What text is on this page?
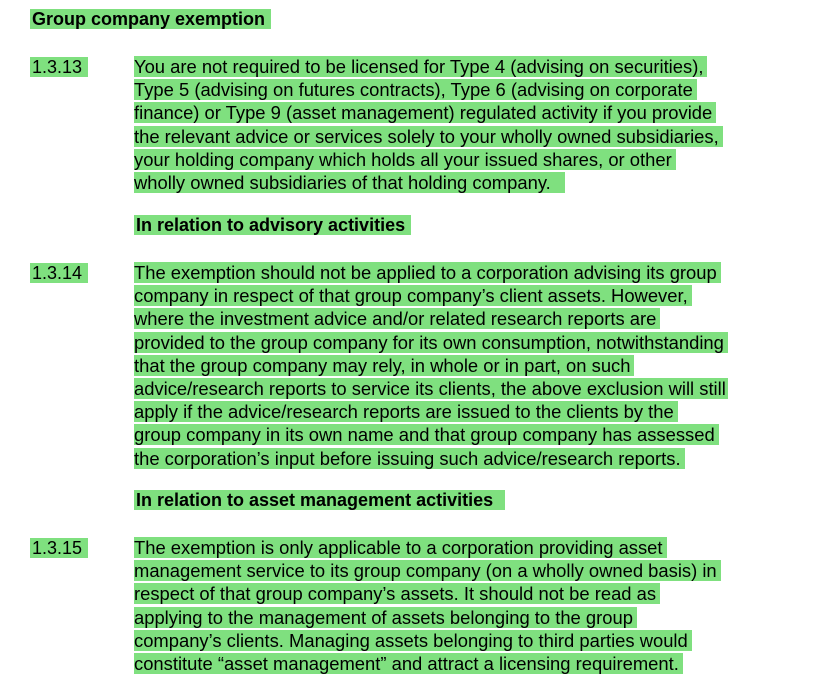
Group company exemption
1.3.13	You are not required to be licensed for Type 4 (advising on securities),
Type 5 (advising on futures contracts), Type 6 (advising on corporate
finance) or Type 9 (asset management) regulated activity if you provide
the relevant advice or services solely to your wholly owned subsidiaries,
your holding company which holds all your issued shares, or other
wholly owned subsidiaries of that holding company.
In relation to advisory activities
1.3.14	The exemption should not be applied to a corporation advising its group
company in respect of that group company’s client assets. However,
where the investment advice and/or related research reports are
provided to the group company for its own consumption, notwithstanding
that the group company may rely, in whole or in part, on such
advice/research reports to service its clients, the above exclusion will still
apply if the advice/research reports are issued to the clients by the
group company in its own name and that group company has assessed
the corporation’s input before issuing such advice/research reports.
In relation to asset management activities
1.3.15	The exemption is only applicable to a corporation providing asset
management service to its group company (on a wholly owned basis) in
respect of that group company’s assets. It should not be read as
applying to the management of assets belonging to the group
company’s clients. Managing assets belonging to third parties would
constitute “asset management” and attract a licensing requirement.
